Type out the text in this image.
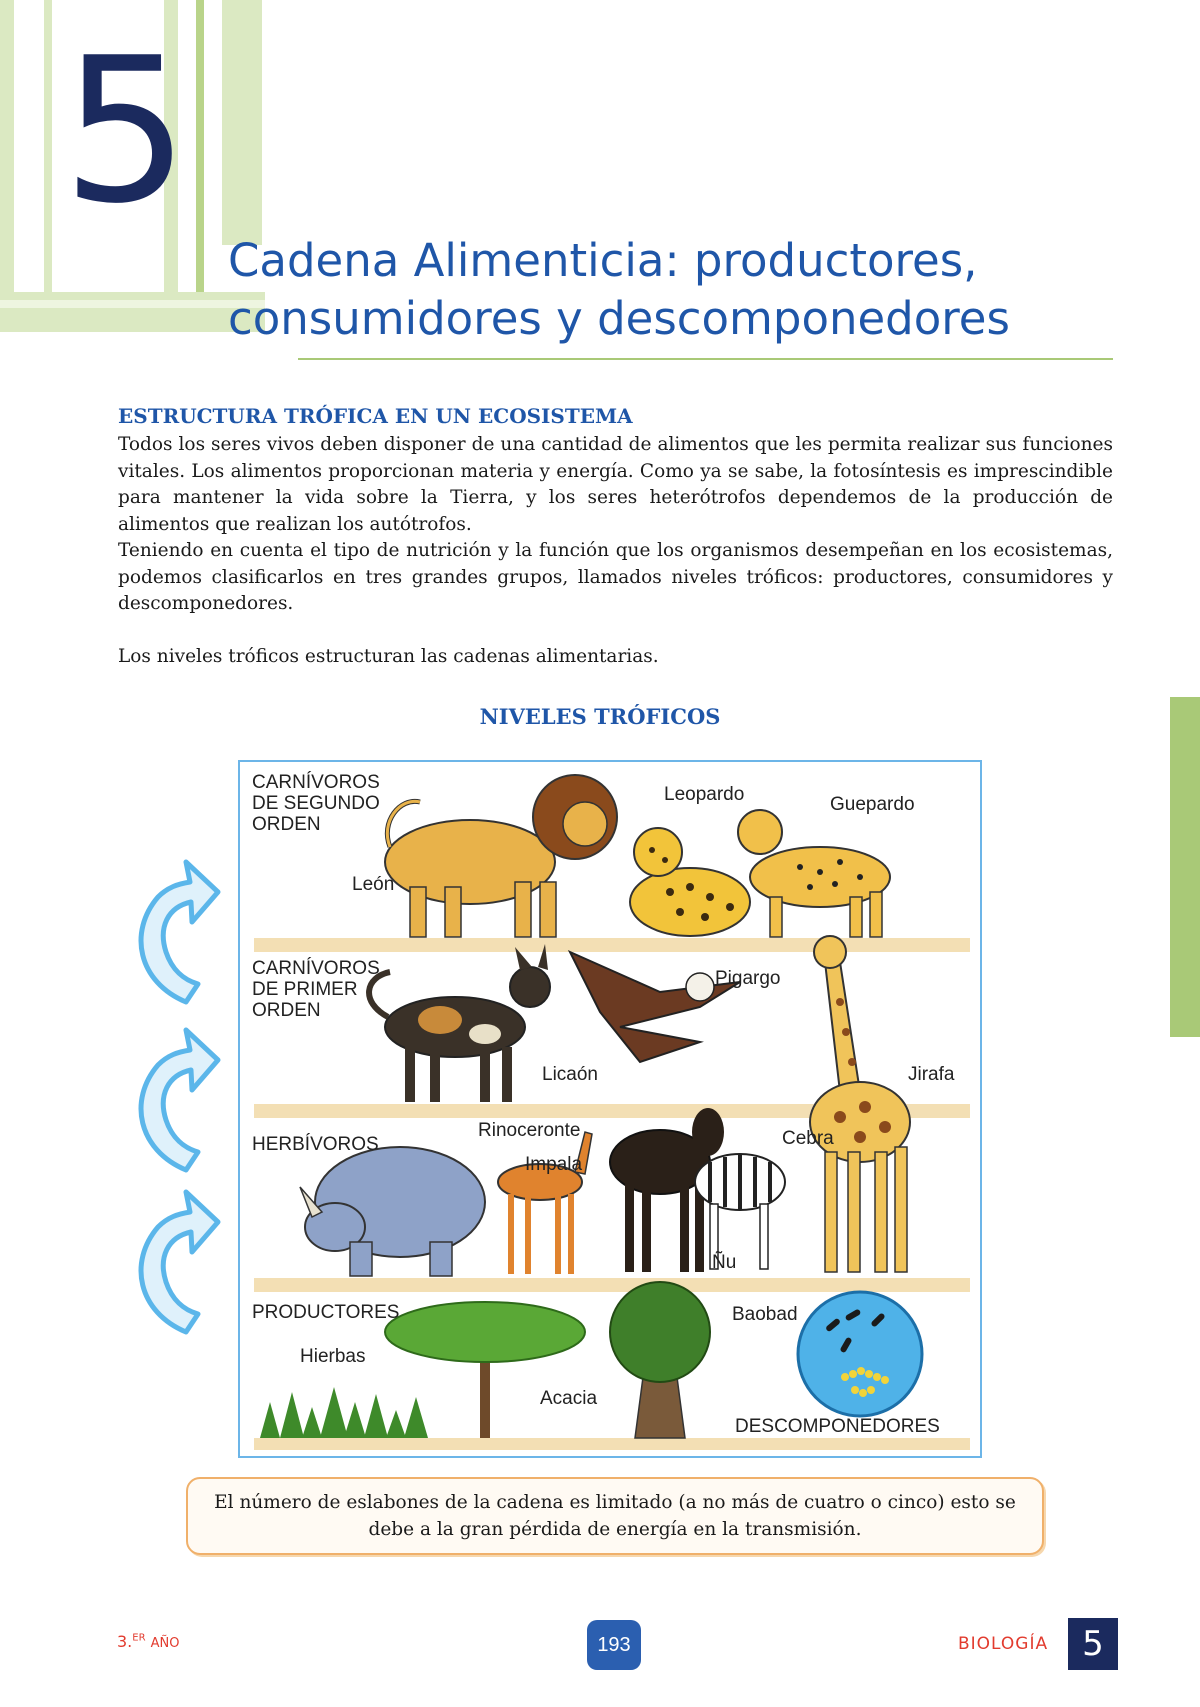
5
Cadena Alimenticia: productores,
consumidores y descomponedores
ESTRUCTURA TRÓFICA EN UN ECOSISTEMA

Todos los seres vivos deben disponer de una cantidad de alimentos que les permita realizar sus funciones vitales. Los alimentos proporcionan materia y energía. Como ya se sabe, la fotosíntesis es imprescindible para mantener la vida sobre la Tierra, y los seres heterótrofos dependemos de la producción de alimentos que realizan los autótrofos.

Teniendo en cuenta el tipo de nutrición y la función que los organismos desempeñan en los ecosistemas, podemos clasificarlos en tres grandes grupos, llamados niveles tróficos: productores, consumidores y descomponedores.

Los niveles tróficos estructuran las cadenas alimentarias.

NIVELES TRÓFICOS
CARNÍVOROS
DE SEGUNDO
ORDEN
CARNÍVOROS
DE PRIMER
ORDEN
HERBÍVOROS
PRODUCTORES
DESCOMPONEDORES
León
Leopardo	Guepardo
Licaón
Pigargo
Jirafa
Rinoceronte
Impala
Ñu
Cebra
Hierbas
Acacia
Baobad
El número de eslabones de la cadena es limitado (a no más de cuatro o cinco) esto se debe a la gran pérdida de energía en la transmisión.
3.$^{ER}$ AÑO	193	BIOLOGÍA	5
